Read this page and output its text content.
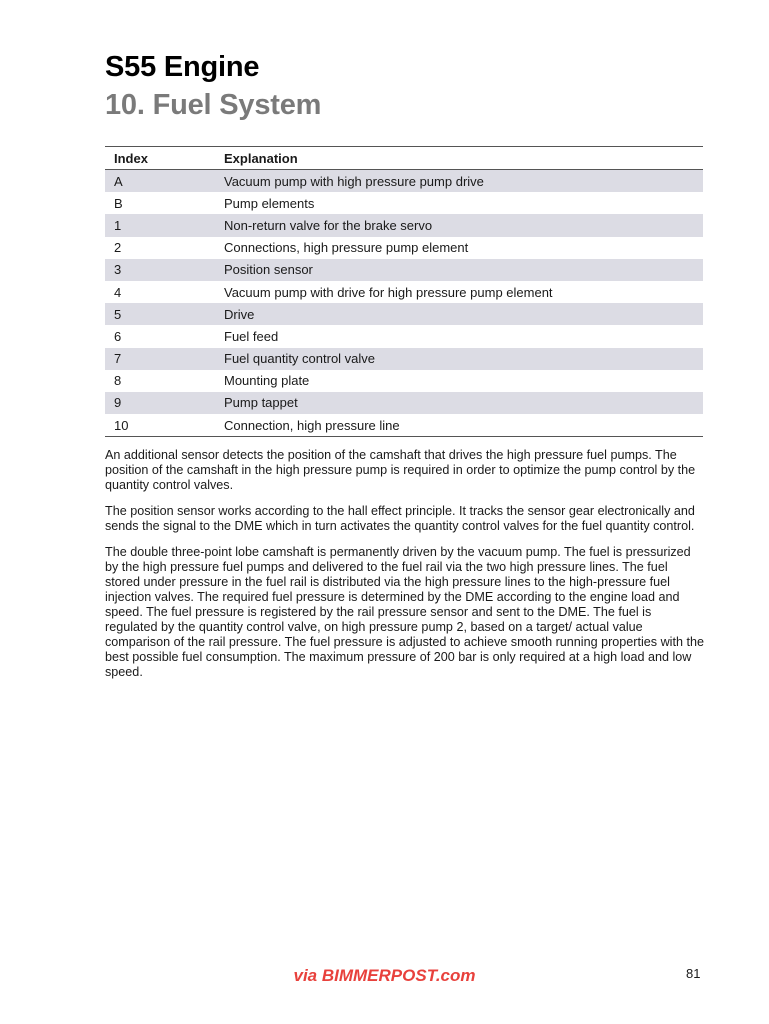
S55 Engine
10. Fuel System
Index	Explanation
A	Vacuum pump with high pressure pump drive
B	Pump elements
1	Non-return valve for the brake servo
2	Connections, high pressure pump element
3	Position sensor
4	Vacuum pump with drive for high pressure pump element
5	Drive
6	Fuel feed
7	Fuel quantity control valve
8	Mounting plate
9	Pump tappet
10	Connection, high pressure line

An additional sensor detects the position of the camshaft that drives the high pressure fuel pumps. The position of the camshaft in the high pressure pump is required in order to optimize the pump control by the quantity control valves.

The position sensor works according to the hall effect principle. It tracks the sensor gear electronically and sends the signal to the DME which in turn activates the quantity control valves for the fuel quantity control.

The double three-point lobe camshaft is permanently driven by the vacuum pump. The fuel is pressurized by the high pressure fuel pumps and delivered to the fuel rail via the two high pressure lines. The fuel stored under pressure in the fuel rail is distributed via the high pressure lines to the high-pressure fuel injection valves. The required fuel pressure is determined by the DME according to the engine load and speed. The fuel pressure is registered by the rail pressure sensor and sent to the DME. The fuel is regulated by the quantity control valve, on high pressure pump 2, based on a target/ actual value comparison of the rail pressure. The fuel pressure is adjusted to achieve smooth running properties with the best possible fuel consumption. The maximum pressure of 200 bar is only required at a high load and low speed.

via BIMMERPOST.com	81
